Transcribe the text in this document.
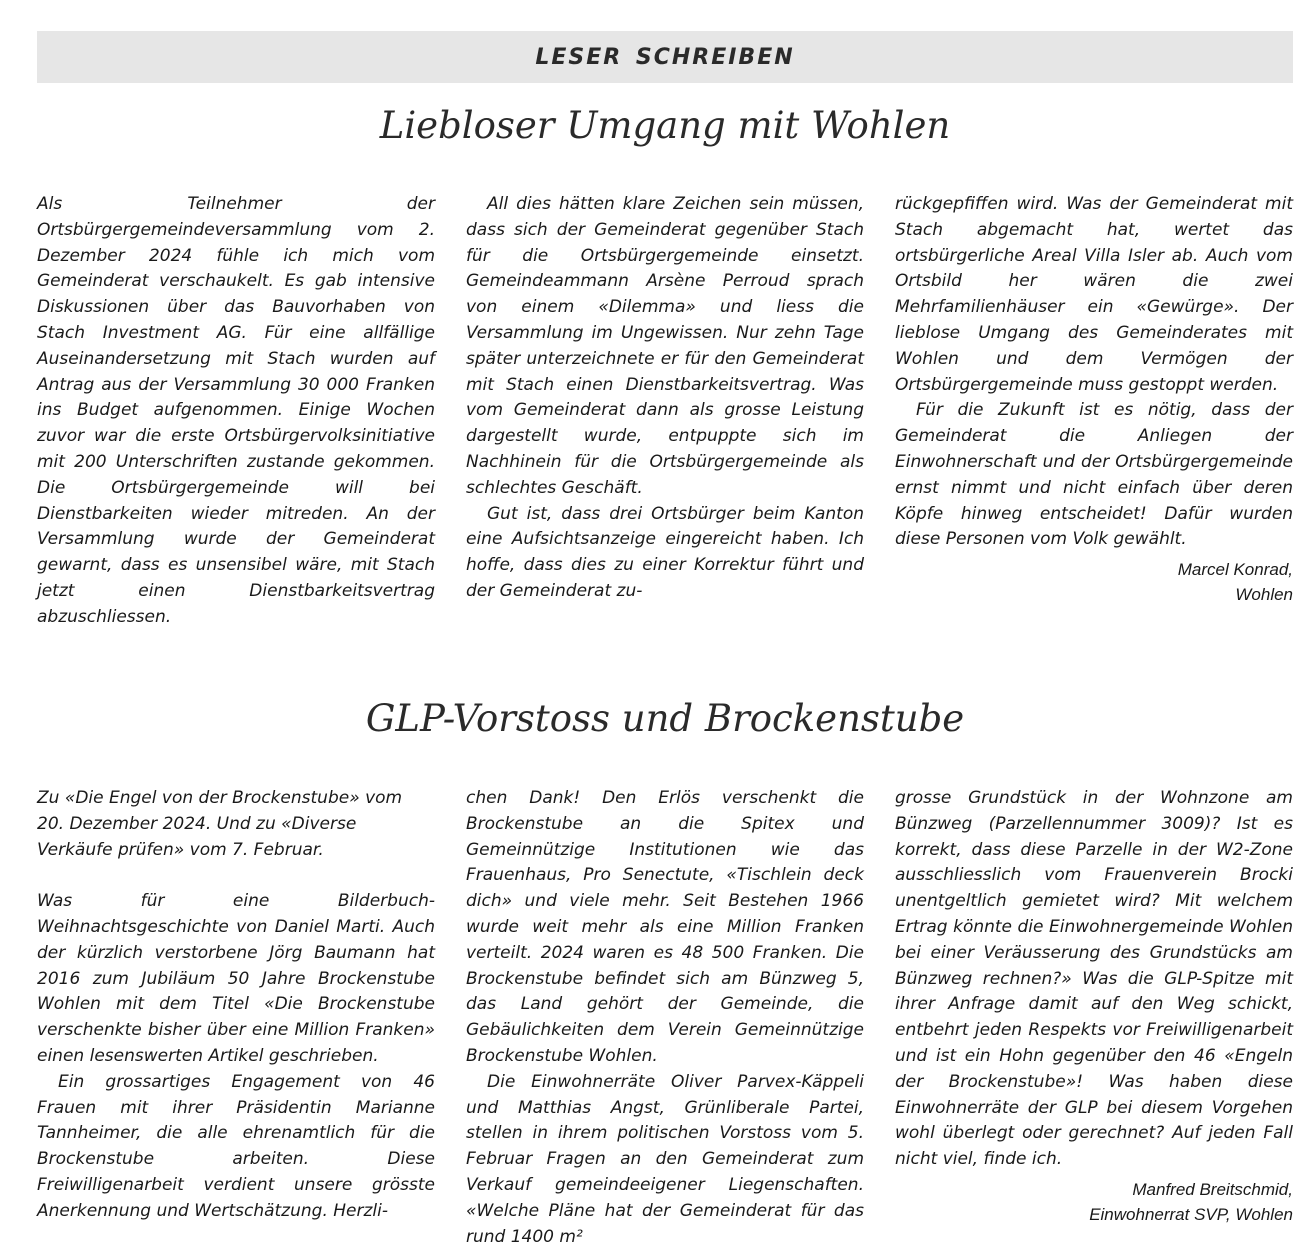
LESER SCHREIBEN
Liebloser Umgang mit Wohlen

Als Teilnehmer der Ortsbürgergemeindeversammlung vom 2. Dezember 2024 fühle ich mich vom Gemeinderat verschaukelt. Es gab intensive Diskussionen über das Bauvorhaben von Stach Investment AG. Für eine allfällige Auseinandersetzung mit Stach wurden auf Antrag aus der Versammlung 30 000 Franken ins Budget aufgenommen. Einige Wochen zuvor war die erste Ortsbürgervolksinitiative mit 200 Unterschriften zustande gekommen. Die Ortsbürgergemeinde will bei Dienstbarkeiten wieder mitreden. An der Versammlung wurde der Gemeinderat gewarnt, dass es unsensibel wäre, mit Stach jetzt einen Dienstbarkeitsvertrag abzuschliessen.

All dies hätten klare Zeichen sein müssen, dass sich der Gemeinderat gegenüber Stach für die Ortsbürgergemeinde einsetzt. Gemeindeammann Arsène Perroud sprach von einem «Dilemma» und liess die Versammlung im Ungewissen. Nur zehn Tage später unterzeichnete er für den Gemeinderat mit Stach einen Dienstbarkeitsvertrag. Was vom Gemeinderat dann als grosse Leistung dargestellt wurde, entpuppte sich im Nachhinein für die Ortsbürgergemeinde als schlechtes Geschäft.

Gut ist, dass drei Ortsbürger beim Kanton eine Aufsichtsanzeige eingereicht haben. Ich hoffe, dass dies zu einer Korrektur führt und der Gemeinderat zu-

rückgepfiffen wird. Was der Gemeinderat mit Stach abgemacht hat, wertet das ortsbürgerliche Areal Villa Isler ab. Auch vom Ortsbild her wären die zwei Mehrfamilienhäuser ein «Gewürge». Der lieblose Umgang des Gemeinderates mit Wohlen und dem Vermögen der Ortsbürgergemeinde muss gestoppt werden.

Für die Zukunft ist es nötig, dass der Gemeinderat die Anliegen der Einwohnerschaft und der Ortsbürgergemeinde ernst nimmt und nicht einfach über deren Köpfe hinweg entscheidet! Dafür wurden diese Personen vom Volk gewählt.

Marcel Konrad,
Wohlen
GLP-Vorstoss und Brockenstube

Zu «Die Engel von der Brockenstube» vom

20. Dezember 2024. Und zu «Diverse

Verkäufe prüfen» vom 7. Februar.

Was für eine Bilderbuch-Weihnachtsgeschichte von Daniel Marti. Auch der kürzlich verstorbene Jörg Baumann hat 2016 zum Jubiläum 50 Jahre Brockenstube Wohlen mit dem Titel «Die Brockenstube verschenkte bisher über eine Million Franken» einen lesenswerten Artikel geschrieben.

Ein grossartiges Engagement von 46 Frauen mit ihrer Präsidentin Marianne Tannheimer, die alle ehrenamtlich für die Brockenstube arbeiten. Diese Freiwilligenarbeit verdient unsere grösste Anerkennung und Wertschätzung. Herzli-

chen Dank! Den Erlös verschenkt die Brockenstube an die Spitex und Gemeinnützige Institutionen wie das Frauenhaus, Pro Senectute, «Tischlein deck dich» und viele mehr. Seit Bestehen 1966 wurde weit mehr als eine Million Franken verteilt. 2024 waren es 48 500 Franken. Die Brockenstube befindet sich am Bünzweg 5, das Land gehört der Gemeinde, die Gebäulichkeiten dem Verein Gemeinnützige Brockenstube Wohlen.

Die Einwohnerräte Oliver Parvex-Käppeli und Matthias Angst, Grünliberale Partei, stellen in ihrem politischen Vorstoss vom 5. Februar Fragen an den Gemeinderat zum Verkauf gemeindeeigener Liegenschaften. «Welche Pläne hat der Gemeinderat für das rund 1400 m²

grosse Grundstück in der Wohnzone am Bünzweg (Parzellennummer 3009)? Ist es korrekt, dass diese Parzelle in der W2-Zone ausschliesslich vom Frauenverein Brocki unentgeltlich gemietet wird? Mit welchem Ertrag könnte die Einwohnergemeinde Wohlen bei einer Veräusserung des Grundstücks am Bünzweg rechnen?» Was die GLP-Spitze mit ihrer Anfrage damit auf den Weg schickt, entbehrt jeden Respekts vor Freiwilligenarbeit und ist ein Hohn gegenüber den 46 «Engeln der Brockenstube»! Was haben diese Einwohnerräte der GLP bei diesem Vorgehen wohl überlegt oder gerechnet? Auf jeden Fall nicht viel, finde ich.

Manfred Breitschmid,
Einwohnerrat SVP, Wohlen
